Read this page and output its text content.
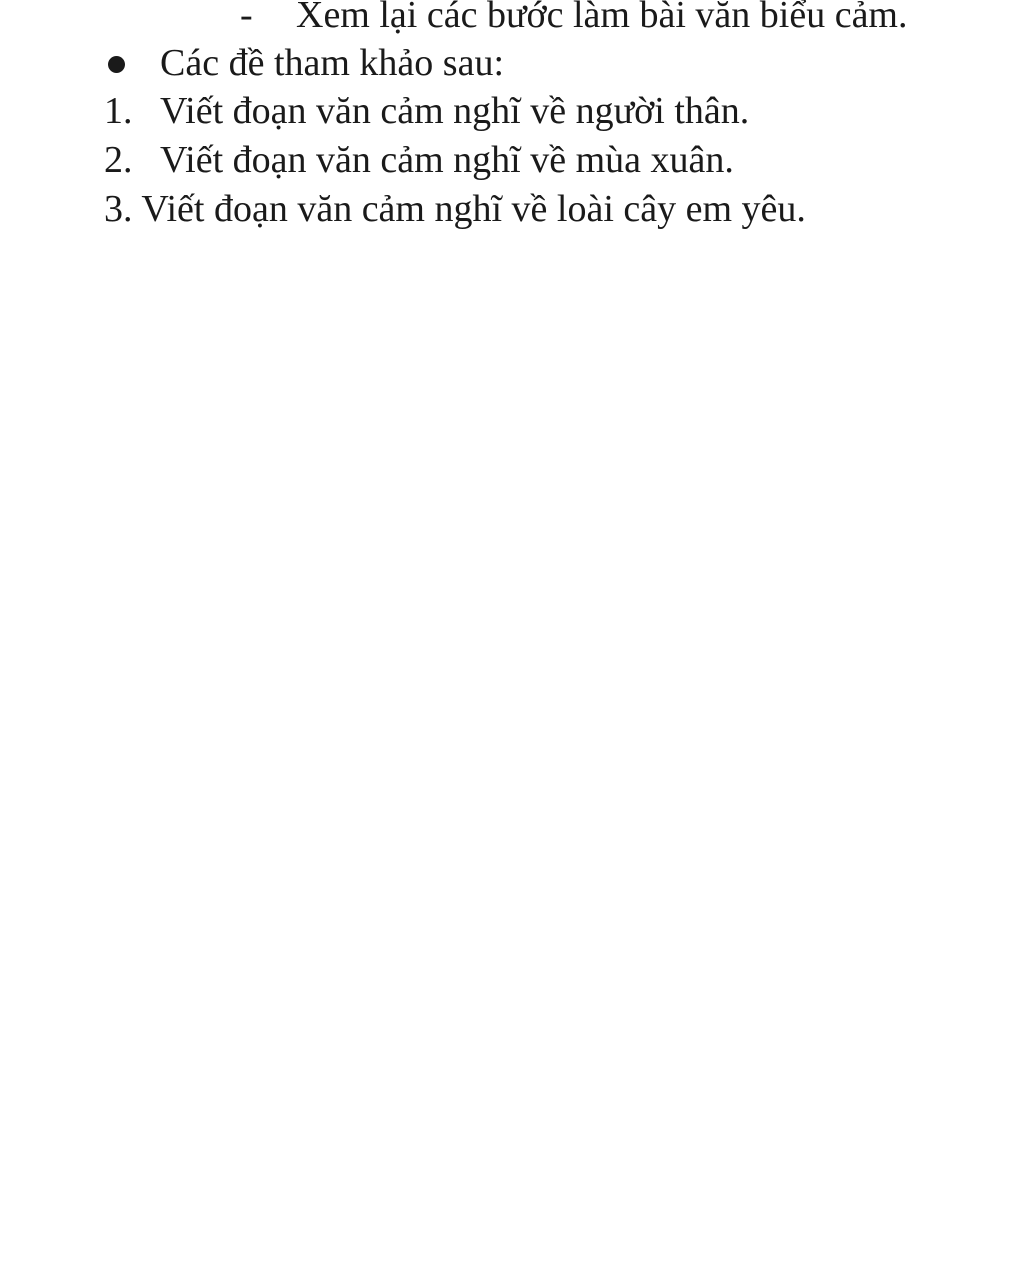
- Xem lại các bước làm bài văn biểu cảm.
Các đề tham khảo sau:
1. Viết đoạn văn cảm nghĩ về người thân.
2. Viết đoạn văn cảm nghĩ về mùa xuân.
3. Viết đoạn văn cảm nghĩ về loài cây em yêu.
